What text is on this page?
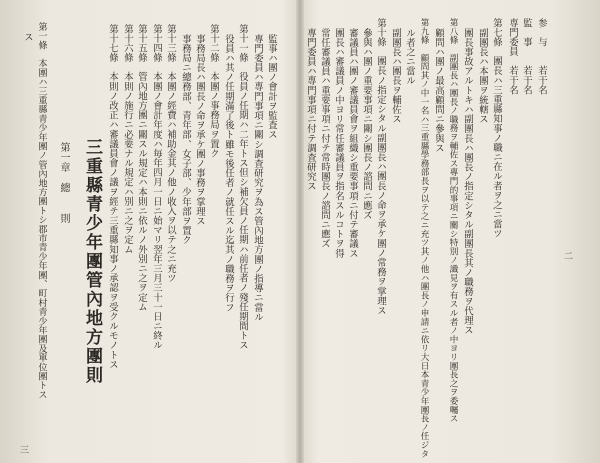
二
参　与　　若干名
監　事　　若干名
専門委員　若干名
第七條　團長ハ三重縣知事ノ職ニ在ル者ヲ之ニ當ツ
副團長ハ本團ヲ統轄ス
團長事故アルトキハ副團長ハ團長ノ指定シタル副團長其ノ職務ヲ代理ス
第八條　副團長ハ團長ノ職務ヲ輔佐ス專門的事項ニ關シ特別ノ識見ヲ有スル者ノ中ヨリ團長之ヲ委囑ス
顧問ハ團ノ最高顧問ニ參與ス
第九條　顧問其ノ中一名ハ三重縣學務部長ヲ以テ之ニ充ツ其ノ他ハ團長ノ申請ニ依リ大日本青少年團長ノ任ジタ
ル者之ニ當ル
副團長ハ團長ヲ輔佐ス
第十條　團長ノ指定シタル副團長ハ團長ノ命ヲ承ケ團ノ常務ヲ掌理ス
參與ハ團ノ重要事項ニ關シ團長ノ諮問ニ應ズ
審議員ハ團ノ審議員會ヲ組織シ重要事項ニ付テ審議ス
團長ハ審議員ノ中ヨリ常任審議員ヲ指名スルコトヲ得
常任審議員ハ重要事項ニ付テ常時團長ノ諮問ニ應ズ
專門委員ハ專門事項ニ付テ調査研究ス
三
監事ハ團ノ會計ヲ監査ス
專門委員ハ專門事項ニ關シ調査研究ヲ為ス管內地方團ノ指導ニ當ル
第十一條　役員ノ任期ハ二年トス但シ補欠員ノ任期ハ前任者ノ殘任期間トス
役員ハ其ノ任期滿了後ト雖モ後任者ノ就任スル迄其ノ職務ヲ行フ
第十二條　本團ノ事務局ヲ置ク
事務局長ハ團長ノ命ヲ承ケ團ノ事務ヲ掌理ス
事務局ニ總務部、青年部、女子部、少年部ヲ置ク
第十三條　本團ノ經費ハ補助金其ノ他ノ收入ヲ以テ之ニ充ツ
第十四條　本團ノ會計年度ハ毎年四月一日ニ始マリ翌年三月三十一日ニ終ル
第十五條　管內地方團ニ關スル規定ハ本則ニ依ルノ外別ニ之ヲ定ム
第十六條　本則ノ施行ニ必要ナル規定ハ別ニ之ヲ定ム
第十七條　本則ノ改正ハ審議員會ノ議ヲ經テ三重縣知事ノ承認ヲ受クルモノトス
三重縣青少年團管內地方團則
第一章　總　　則
第一條　本團ハ三重縣青少年團ノ管內地方團トシ郡市青少年團、町村青少年團及單位團トス
ス
